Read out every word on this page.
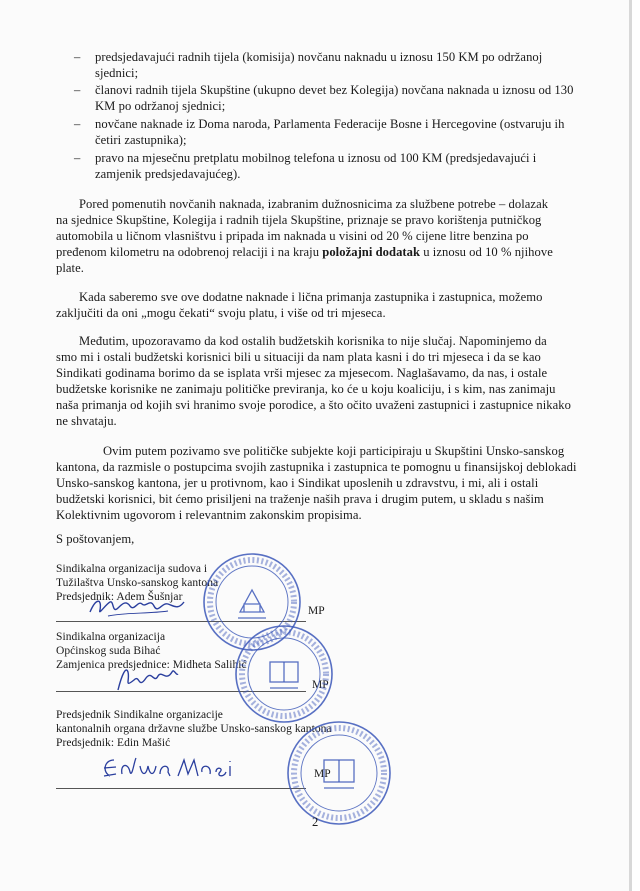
– predsjedavajući radnih tijela (komisija) novčanu naknadu u iznosu 150 KM po održanoj
sjednici;
– članovi radnih tijela Skupštine (ukupno devet bez Kolegija) novčana naknada u iznosu od 130
KM po održanoj sjednici;
– novčane naknade iz Doma naroda, Parlamenta Federacije Bosne i Hercegovine (ostvaruju ih
četiri zastupnika);
– pravo na mjesečnu pretplatu mobilnog telefona u iznosu od 100 KM (predsjedavajući i
zamjenik predsjedavajućeg).
Pored pomenutih novčanih naknada, izabranim dužnosnicima za službene potrebe – dolazak
na sjednice Skupštine, Kolegija i radnih tijela Skupštine, priznaje se pravo korištenja putničkog
automobila u ličnom vlasništvu i pripada im naknada u visini od 20 % cijene litre benzina po
pređenom kilometru na odobrenoj relaciji i na kraju položajni dodatak u iznosu od 10 % njihove
plate.
Kada saberemo sve ove dodatne naknade i lična primanja zastupnika i zastupnica, možemo
zaključiti da oni „mogu čekati“ svoju platu, i više od tri mjeseca.
Međutim, upozoravamo da kod ostalih budžetskih korisnika to nije slučaj. Napominjemo da
smo mi i ostali budžetski korisnici bili u situaciji da nam plata kasni i do tri mjeseca i da se kao
Sindikati godinama borimo da se isplata vrši mjesec za mjesecom. Naglašavamo, da nas, i ostale
budžetske korisnike ne zanimaju političke previranja, ko će u koju koaliciju, i s kim, nas zanimaju
naša primanja od kojih svi hranimo svoje porodice, a što očito uvaženi zastupnici i zastupnice nikako
ne shvataju.
Ovim putem pozivamo sve političke subjekte koji participiraju u Skupštini Unsko-sanskog
kantona, da razmisle o postupcima svojih zastupnika i zastupnica te pomognu u finansijskoj deblokadi
Unsko-sanskog kantona, jer u protivnom, kao i Sindikat uposlenih u zdravstvu, i mi, ali i ostali
budžetski korisnici, bit ćemo prisiljeni na traženje naših prava i drugim putem, u skladu s našim
Kolektivnim ugovorom i relevantnim zakonskim propisima.
S poštovanjem,
Sindikalna organizacija sudova i
Tužilaštva Unsko-sanskog kantona
Predsjednik: Adem Šušnjar
MP
Sindikalna organizacija
Općinskog suda Bihać
Zamjenica predsjednice: Midheta Salihić
MP
Predsjednik Sindikalne organizacije
kantonalnih organa državne službe Unsko-sanskog kantona
Predsjednik: Edin Mašić
MP
2
